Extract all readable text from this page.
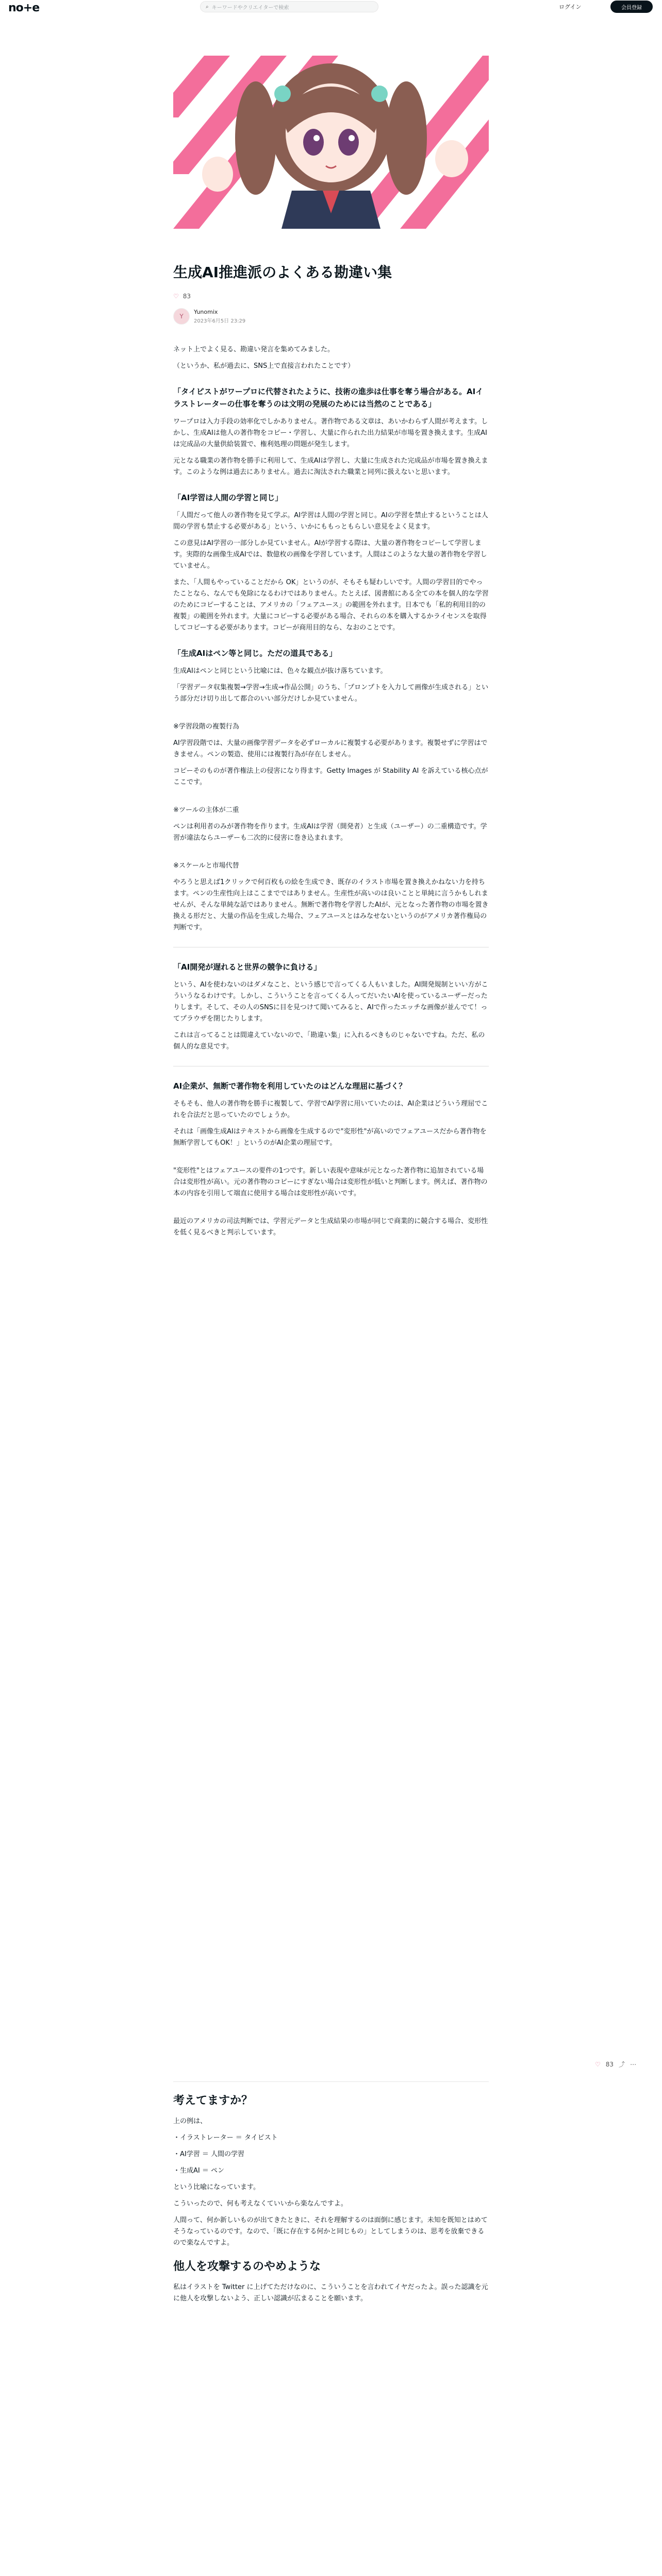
no+e	⌕ キーワードやクリエイターで検索	ログイン	会員登録
生成AI推進派のよくある勘違い集
♡ 83
Y
Yunomix
2023年6月5日 23:29

ネット上でよく見る、勘違い発言を集めてみました。

（というか、私が過去に、SNS上で直接言われたことです）

「タイピストがワープロに代替されたように、技術の進歩は仕事を奪う場合がある。AIイラストレーターの仕事を奪うのは文明の発展のためには当然のことである」

ワープロは入力手段の効率化でしかありません。著作物である文章は、あいかわらず人間が考えます。しかし、生成AIは他人の著作物をコピー・学習し、大量に作られた出力結果が市場を置き換えます。生成AIは完成品の大量供給装置で、権利処理の問題が発生します。

元となる職業の著作物を勝手に利用して、生成AIは学習し、大量に生成された完成品が市場を置き換えます。このような例は過去にありません。過去に淘汰された職業と同列に扱えないと思います。

「AI学習は人間の学習と同じ」

「人間だって他人の著作物を見て学ぶ。AI学習は人間の学習と同じ。AIの学習を禁止するということは人間の学習も禁止する必要がある」という、いかにももっともらしい意見をよく見ます。

この意見はAI学習の一部分しか見ていません。AIが学習する際は、大量の著作物をコピーして学習します。実際的な画像生成AIでは、数億枚の画像を学習しています。人間はこのような大量の著作物を学習していません。

また、「人間もやっていることだから OK」というのが、そもそも疑わしいです。人間の学習目的でやったことなら、なんでも免除になるわけではありません。たとえば、図書館にある全ての本を個人的な学習のためにコピーすることは、アメリカの「フェアユース」の範囲を外れます。日本でも「私的利用目的の複製」の範囲を外れます。大量にコピーする必要がある場合、それらの本を購入するかライセンスを取得してコピーする必要があります。コピーが商用目的なら、なおのことです。

「生成AIはペン等と同じ。ただの道具である」

生成AIはペンと同じという比喩には、色々な観点が抜け落ちています。

「学習データ収集複製→学習→生成→作品公開」のうち、「プロンプトを入力して画像が生成される」という部分だけ切り出して都合のいい部分だけしか見ていません。

※学習段階の複製行為

AI学習段階では、大量の画像学習データを必ずローカルに複製する必要があります。複製せずに学習はできません。ペンの製造、使用には複製行為が存在しません。

コピーそのものが著作権法上の侵害になり得ます。Getty Images が Stability AI を訴えている核心点がここです。

※ツールの主体が二重

ペンは利用者のみが著作物を作ります。生成AIは学習（開発者）と生成（ユーザー）の二重構造です。学習が違法ならユーザーも二次的に侵害に巻き込まれます。

※スケールと市場代替

やろうと思えば1クリックで何百枚もの絵を生成でき、既存のイラスト市場を置き換えかねない力を持ちます。ペンの生産性向上はここまでではありません。生産性が高いのは良いことと単純に言うかもしれませんが、そんな単純な話ではありません。無断で著作物を学習したAIが、元となった著作物の市場を置き換える形だと、大量の作品を生成した場合、フェアユースとはみなせないというのがアメリカ著作権局の判断です。

「AI開発が遅れると世界の競争に負ける」

という、AIを使わないのはダメなこと、という感じで言ってくる人もいました。AI開発規制といい方がこういうなるわけです。しかし、こういうことを言ってくる人ってだいたいAIを使っているユーザーだったりします。そして、その人のSNSに目を見つけて聞いてみると、AIで作ったエッチな画像が並んでて！ってプラウザを閉じたりします。

これは言ってることは間違えていないので、「勘違い集」に入れるべきものじゃないですね。ただ、私の個人的な意見です。

AI企業が、無断で著作物を利用していたのはどんな理屈に基づく？

そもそも、他人の著作物を勝手に複製して、学習でAI学習に用いていたのは、AI企業はどういう理屈でこれを合法だと思っていたのでしょうか。

それは「画像生成AIはテキストから画像を生成するので"変形性"が高いのでフェアユースだから著作物を無断学習してもOK！」というのがAI企業の理屈です。

"変形性"とはフェアユースの要件の1つです。新しい表現や意味が元となった著作物に追加されている場合は変形性が高い。元の著作物のコピーにすぎない場合は変形性が低いと判断します。例えば、著作物の本の内容を引用して端直に使用する場合は変形性が高いです。

最近のアメリカの司法判断では、学習元データと生成結果の市場が同じで商業的に競合する場合、変形性を低く見るべきと判示しています。

♡ 83 ⤴ ⋯
考えてますか？

上の例は、

・イラストレーター ＝ タイピスト

・AI学習 ＝ 人間の学習

・生成AI ＝ ペン

という比喩になっています。

こういったので、何も考えなくていいから楽なんですよ。

人間って、何か新しいものが出てきたときに、それを理解するのは面倒に感じます。未知を既知とはめてそうなっているのです。なので、「既に存在する何かと同じもの」としてしまうのは、思考を放棄できるので楽なんですよ。

他人を攻撃するのやめような

私はイラストを Twitter に上げてただけなのに、こういうことを言われてイヤだったよ。誤った認識を元に他人を攻撃しないよう、正しい認識が広まることを願います。
